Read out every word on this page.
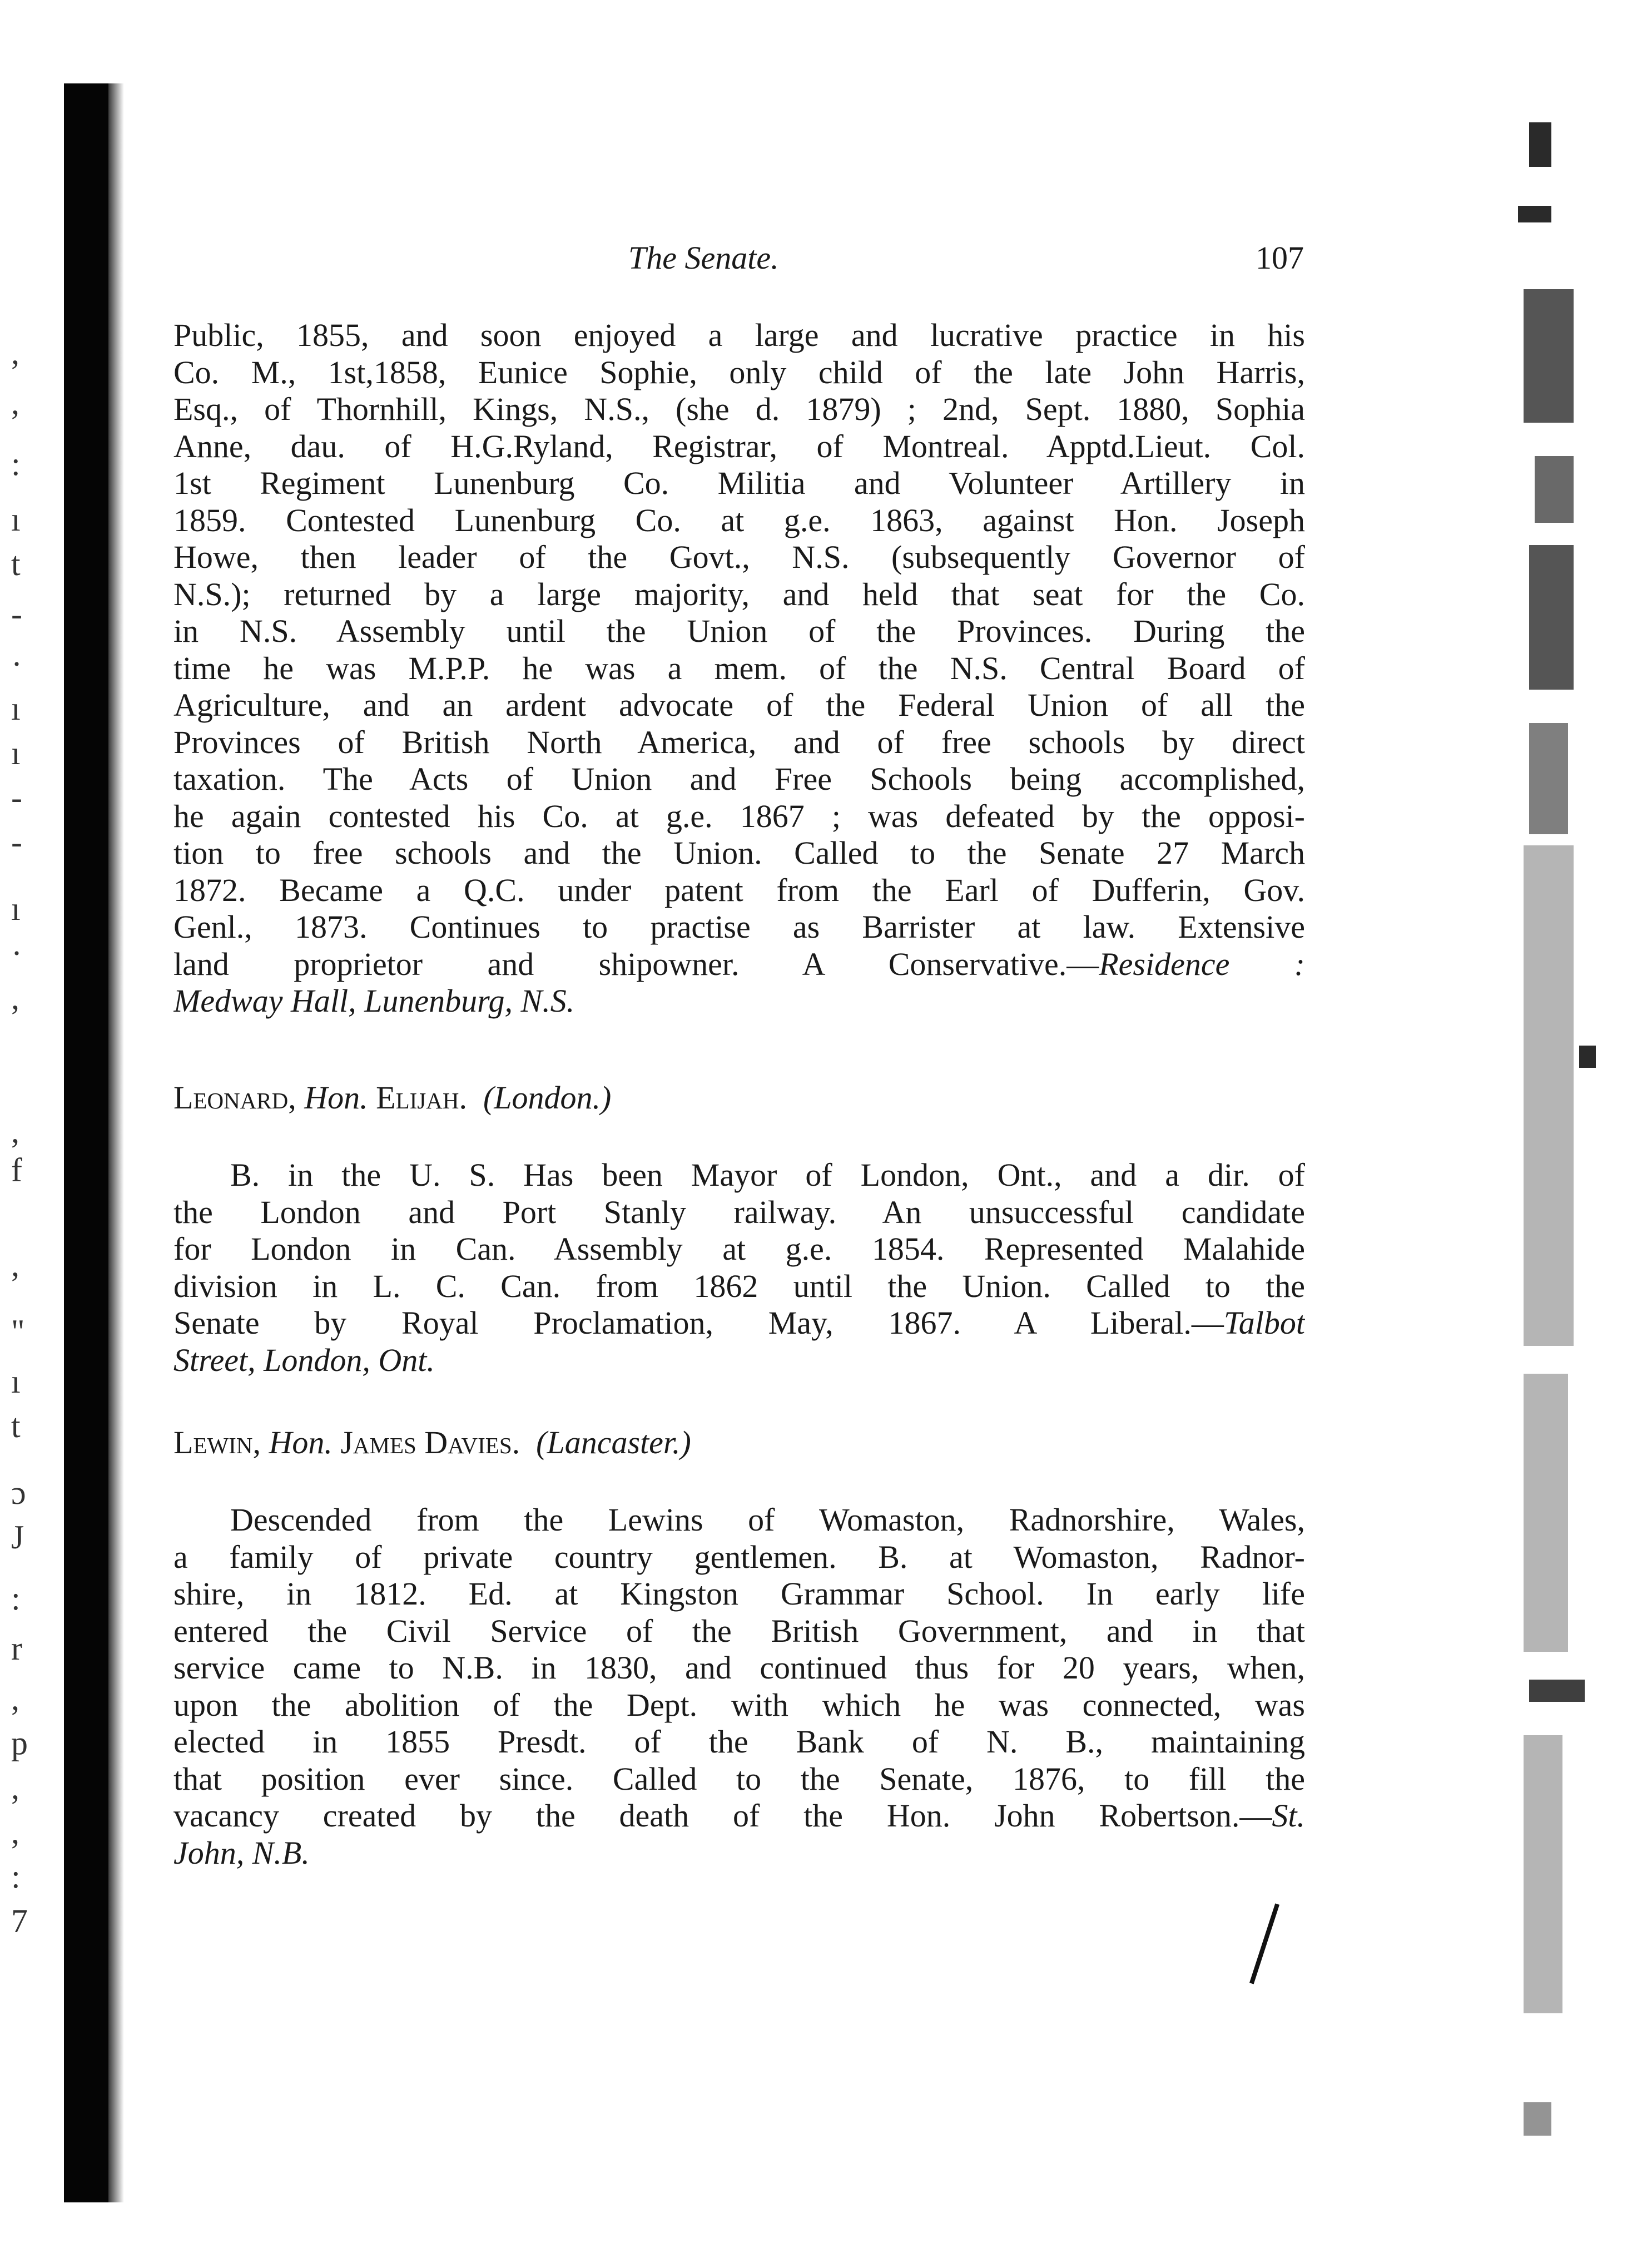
,
,
:
ı
t
-
·
ı
ı
-
-
ı
·
,
,
f
,
"
ı
t
ɔ
J
:
r
,
p
,
,
:
7
The Senate.	107
Public, 1855, and soon enjoyed a large and lucrative practice in his
Co. M., 1st,1858, Eunice Sophie, only child of the late John Harris,
Esq., of Thornhill, Kings, N.S., (she d. 1879) ; 2nd, Sept. 1880, Sophia
Anne, dau. of H.G.Ryland, Registrar, of Montreal. Apptd.Lieut. Col.
1st Regiment Lunenburg Co. Militia and Volunteer Artillery in
1859. Contested Lunenburg Co. at g.e. 1863, against Hon. Joseph
Howe, then leader of the Govt., N.S. (subsequently Governor of
N.S.); returned by a large majority, and held that seat for the Co.
in N.S. Assembly until the Union of the Provinces. During the
time he was M.P.P. he was a mem. of the N.S. Central Board of
Agriculture, and an ardent advocate of the Federal Union of all the
Provinces of British North America, and of free schools by direct
taxation. The Acts of Union and Free Schools being accomplished,
he again contested his Co. at g.e. 1867 ; was defeated by the opposi-
tion to free schools and the Union. Called to the Senate 27 March
1872. Became a Q.C. under patent from the Earl of Dufferin, Gov.
Genl., 1873. Continues to practise as Barrister at law. Extensive
land proprietor and shipowner. A Conservative.—Residence :
Medway Hall, Lunenburg, N.S.
Leonard, Hon. Elijah. (London.)
B. in the U. S. Has been Mayor of London, Ont., and a dir. of
the London and Port Stanly railway. An unsuccessful candidate
for London in Can. Assembly at g.e. 1854. Represented Malahide
division in L. C. Can. from 1862 until the Union. Called to the
Senate by Royal Proclamation, May, 1867. A Liberal.—Talbot
Street, London, Ont.
Lewin, Hon. James Davies. (Lancaster.)
Descended from the Lewins of Womaston, Radnorshire, Wales,
a family of private country gentlemen. B. at Womaston, Radnor-
shire, in 1812. Ed. at Kingston Grammar School. In early life
entered the Civil Service of the British Government, and in that
service came to N.B. in 1830, and continued thus for 20 years, when,
upon the abolition of the Dept. with which he was connected, was
elected in 1855 Presdt. of the Bank of N. B., maintaining
that position ever since. Called to the Senate, 1876, to fill the
vacancy created by the death of the Hon. John Robertson.—St.
John, N.B.
